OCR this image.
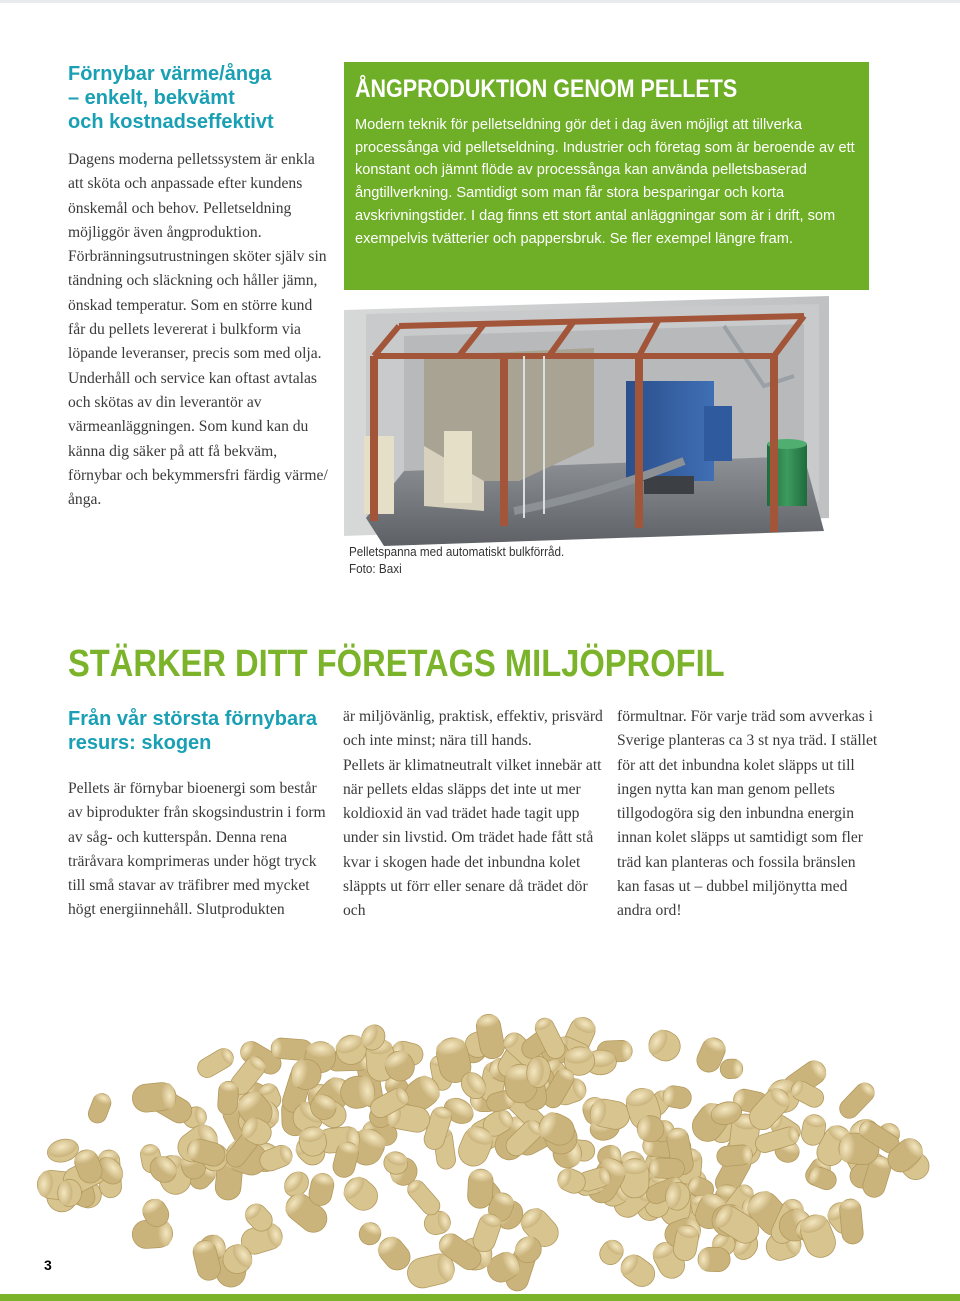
Förnybar värme/ånga
– enkelt, bekvämt
och kostnadseffektivt

Dagens moderna pelletssystem är enkla att sköta och anpassade efter kundens önskemål och behov. Pelletseldning möjliggör även ångproduktion. Förbränningsutrustningen sköter själv sin tändning och släckning och håller jämn, önskad temperatur. Som en större kund får du pellets levererat i bulkform via löpande leveranser, precis som med olja. Underhåll och service kan oftast avtalas och skötas av din leverantör av värmeanläggningen. Som kund kan du känna dig säker på att få bekväm, förnybar och bekymmersfri färdig värme/ånga.

ÅNGPRODUKTION GENOM PELLETS

Modern teknik för pelletseldning gör det i dag även möjligt att tillverka processånga vid pelletseldning. Industrier och företag som är beroende av ett konstant och jämnt flöde av processånga kan använda pelletsbaserad ångtillverkning. Samtidigt som man får stora besparingar och korta avskrivningstider. I dag finns ett stort antal anläggningar som är i drift, som exempelvis tvätterier och pappersbruk. Se fler exempel längre fram.

Pelletspanna med automatiskt bulkförråd.
Foto: Baxi
STÄRKER DITT FÖRETAGS MILJÖPROFIL
Från vår största förnybara
resurs: skogen

Pellets är förnybar bioenergi som består av biprodukter från skogsindustrin i form av såg- och kutterspån. Denna rena träråvara komprimeras under högt tryck till små stavar av träfibrer med mycket högt energiinnehåll. Slutprodukten

är miljövänlig, praktisk, effektiv, prisvärd och inte minst; nära till hands.

Pellets är klimatneutralt vilket innebär att när pellets eldas släpps det inte ut mer koldioxid än vad trädet hade tagit upp under sin livstid. Om trädet hade fått stå kvar i skogen hade det inbundna kolet släppts ut förr eller senare då trädet dör och

förmultnar. För varje träd som avverkas i Sverige planteras ca 3 st nya träd. I stället för att det inbundna kolet släpps ut till ingen nytta kan man genom pellets tillgodogöra sig den inbundna energin innan kolet släpps ut samtidigt som fler träd kan planteras och fossila bränslen kan fasas ut – dubbel miljönytta med andra ord!

3
